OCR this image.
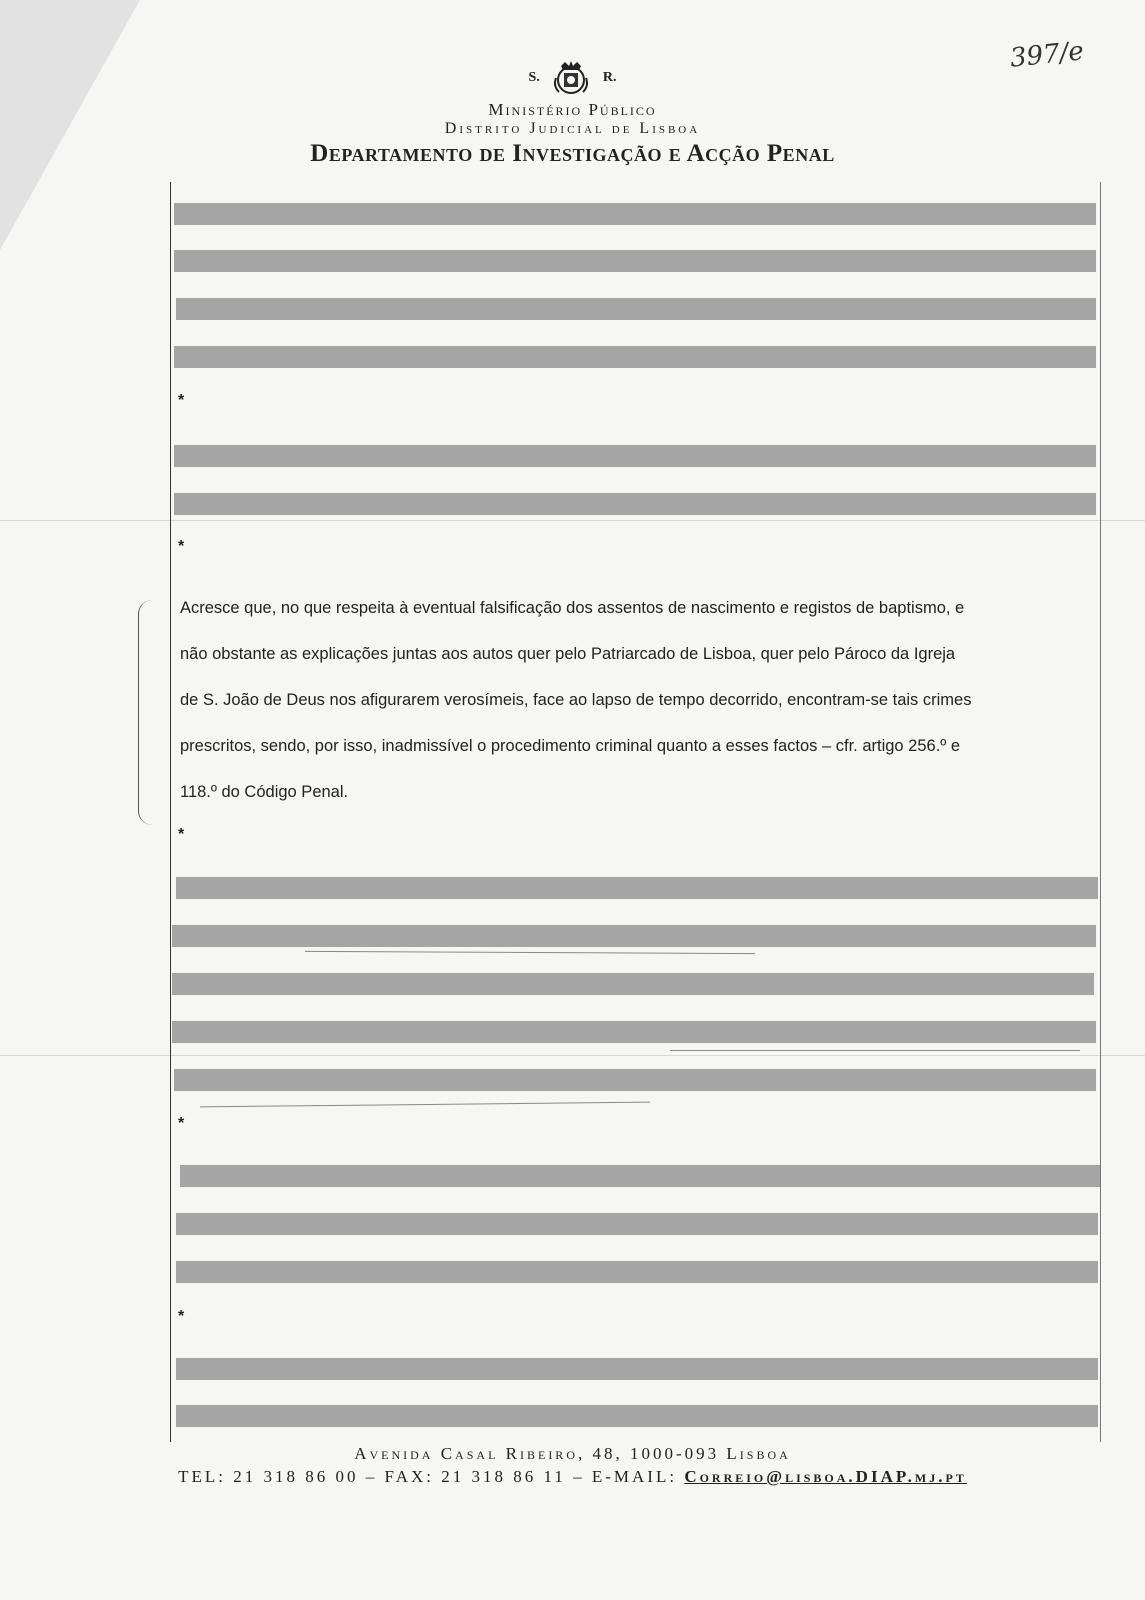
397/e
S.	R.
Ministério Público
Distrito Judicial de Lisboa
Departamento de Investigação e Acção Penal
*
*

Acresce que, no que respeita à eventual falsificação dos assentos de nascimento e registos de baptismo, e

não obstante as explicações juntas aos autos quer pelo Patriarcado de Lisboa, quer pelo Pároco da Igreja

de S. João de Deus nos afigurarem verosímeis, face ao lapso de tempo decorrido, encontram-se tais crimes

prescritos, sendo, por isso, inadmissível o procedimento criminal quanto a esses factos – cfr. artigo 256.º e

118.º do Código Penal.

*
*
*
Avenida Casal Ribeiro, 48, 1000-093 Lisboa
TEL: 21 318 86 00 – FAX: 21 318 86 11 – E-MAIL: Correio@lisboa.DIAP.mj.pt
